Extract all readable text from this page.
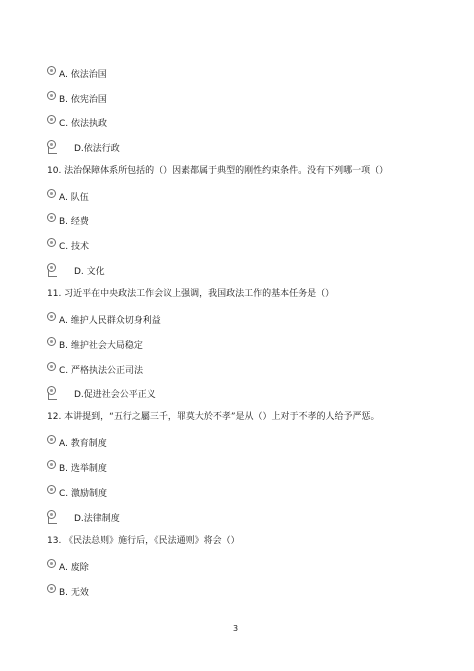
A. 依法治国
B. 依宪治国
C. 依法执政
D.依法行政
10. 法治保障体系所包括的（）因素都属于典型的刚性约束条件。没有下列哪一项（）
A. 队伍
B. 经费
C. 技术
D. 文化
11. 习近平在中央政法工作会议上强调，我国政法工作的基本任务是（）
A. 维护人民群众切身利益
B. 维护社会大局稳定
C. 严格执法公正司法
D.促进社会公平正义
12. 本讲提到，“五行之屬三千，罪莫大於不孝”是从（）上对于不孝的人给予严惩。
A. 教育制度
B. 选举制度
C. 激励制度
D.法律制度
13. 《民法总则》施行后，《民法通则》将会（）
A. 废除
B. 无效
3
